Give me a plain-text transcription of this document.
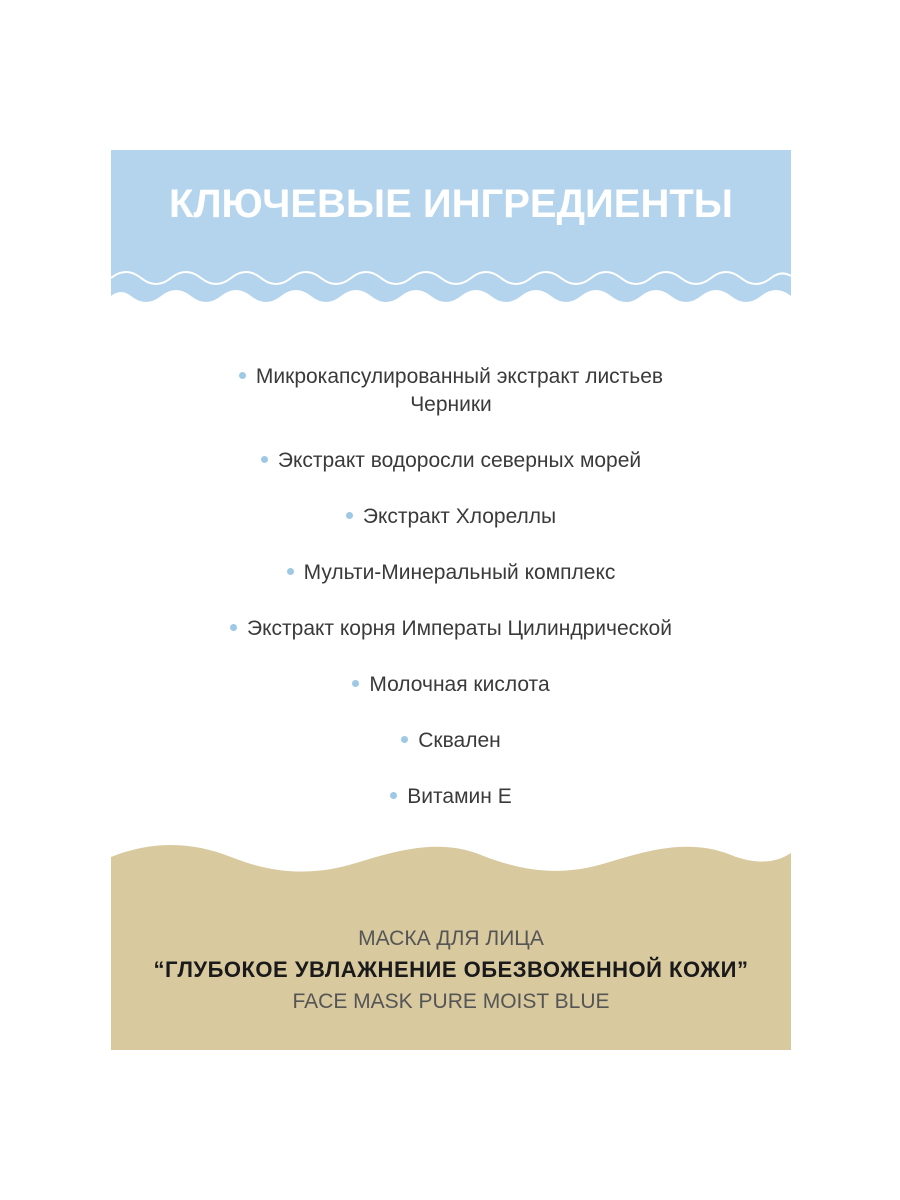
КЛЮЧЕВЫЕ ИНГРЕДИЕНТЫ
Микрокапсулированный экстракт листьев
Черники
Экстракт водоросли северных морей
Экстракт Хлореллы
Мульти-Минеральный комплекс
Экстракт корня Императы Цилиндрической
Молочная кислота
Сквален
Витамин Е

МАСКА ДЛЯ ЛИЦА

“ГЛУБОКОЕ УВЛАЖНЕНИЕ ОБЕЗВОЖЕННОЙ КОЖИ”

FACE MASK PURE MOIST BLUE
